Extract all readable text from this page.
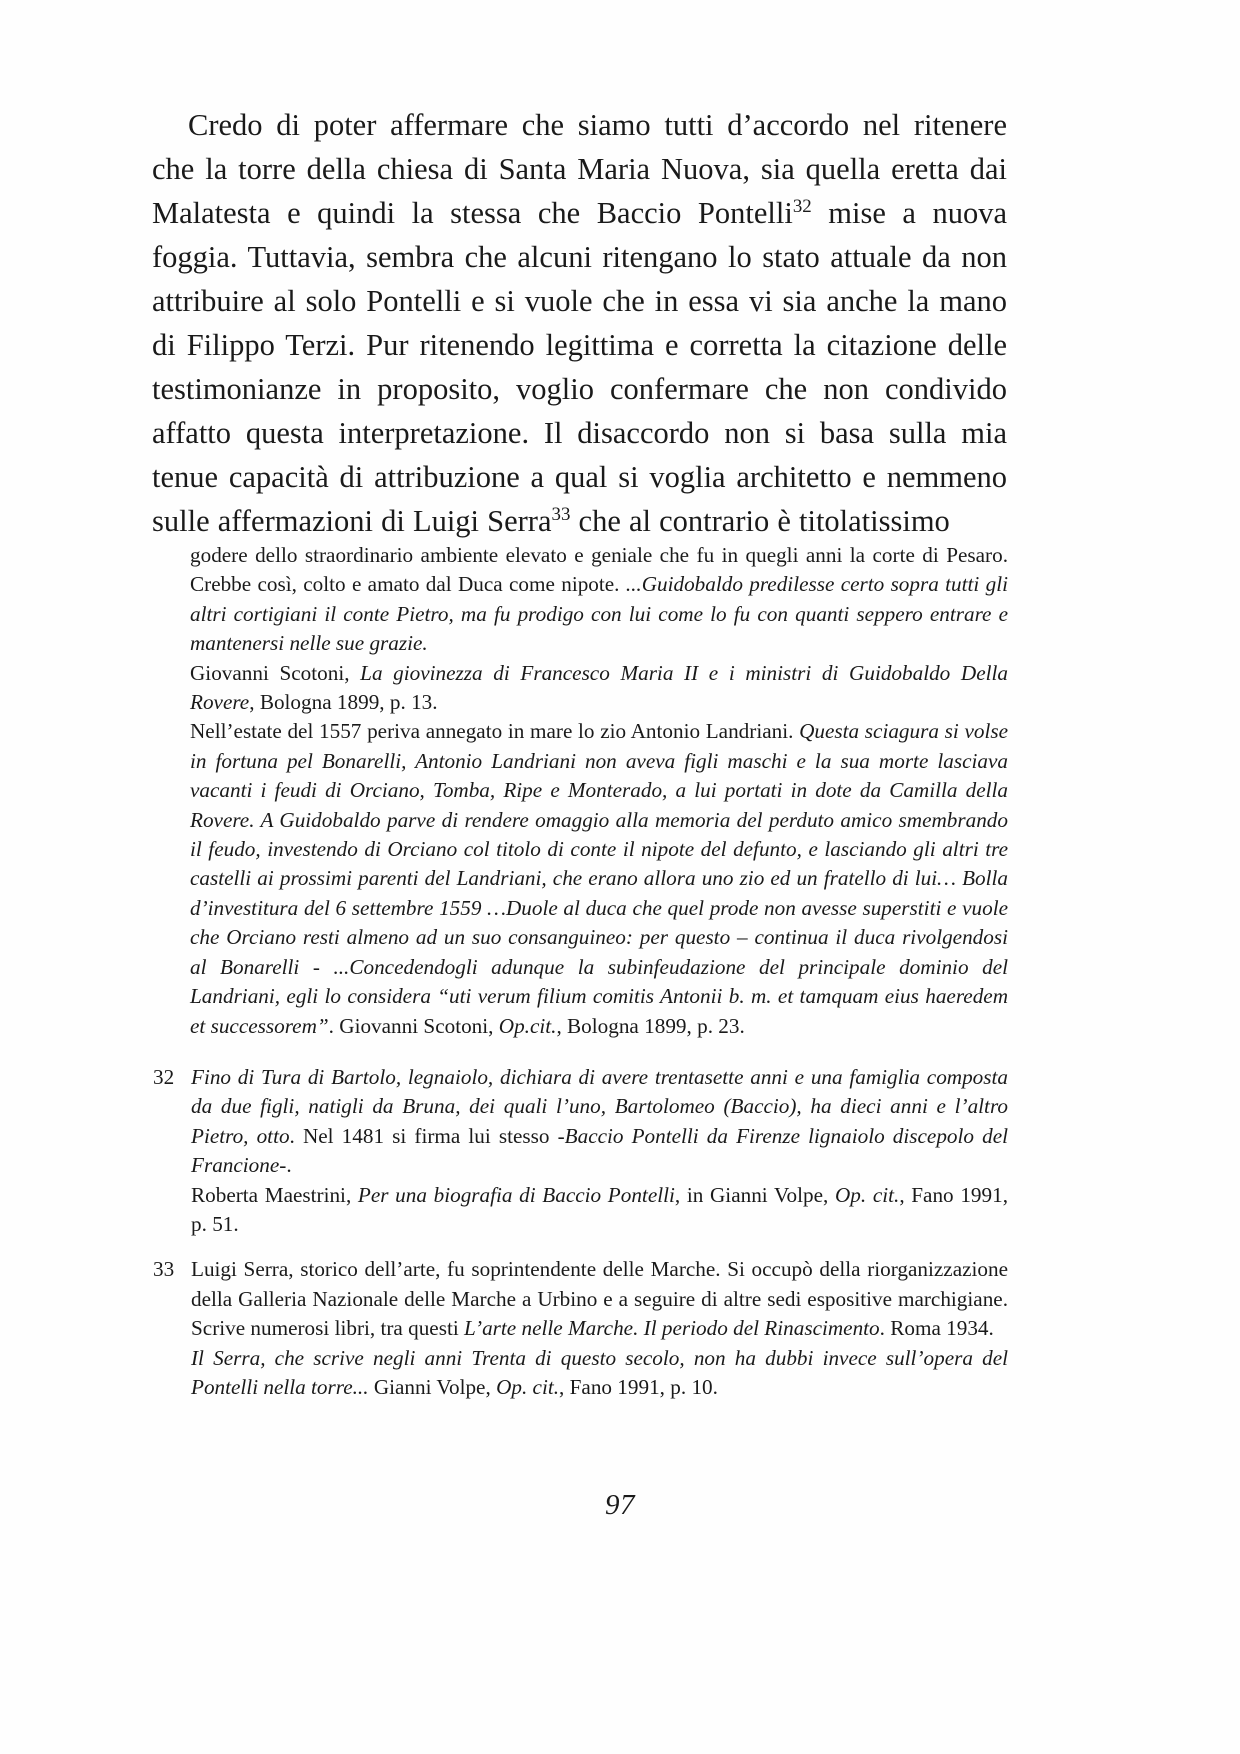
Credo di poter affermare che siamo tutti d’accordo nel ritenere che la torre della chiesa di Santa Maria Nuova, sia quella eretta dai Malatesta e quindi la stessa che Baccio Pontelli$^{32}$ mise a nuova foggia. Tuttavia, sembra che alcuni ritengano lo stato attuale da non attribuire al solo Pontelli e si vuole che in essa vi sia anche la mano di Filippo Terzi. Pur ritenendo legittima e corretta la citazione delle testimonianze in proposito, voglio confermare che non condivido affatto questa interpretazione. Il disaccordo non si basa sulla mia tenue capacità di attribuzione a qual si voglia architetto e nemmeno sulle affermazioni di Luigi Serra$^{33}$ che al contrario è titolatissimo

godere dello straordinario ambiente elevato e geniale che fu in quegli anni la corte di Pesaro. Crebbe così, colto e amato dal Duca come nipote. ...Guidobaldo predilesse certo sopra tutti gli altri cortigiani il conte Pietro, ma fu prodigo con lui come lo fu con quanti seppero entrare e mantenersi nelle sue grazie.

Giovanni Scotoni, La giovinezza di Francesco Maria II e i ministri di Guidobaldo Della Rovere, Bologna 1899, p. 13.

Nell’estate del 1557 periva annegato in mare lo zio Antonio Landriani. Questa sciagura si volse in fortuna pel Bonarelli, Antonio Landriani non aveva figli maschi e la sua morte lasciava vacanti i feudi di Orciano, Tomba, Ripe e Monterado, a lui portati in dote da Camilla della Rovere. A Guidobaldo parve di rendere omaggio alla memoria del perduto amico smembrando il feudo, investendo di Orciano col titolo di conte il nipote del defunto, e lasciando gli altri tre castelli ai prossimi parenti del Landriani, che erano allora uno zio ed un fratello di lui… Bolla d’investitura del 6 settembre 1559 …Duole al duca che quel prode non avesse superstiti e vuole che Orciano resti almeno ad un suo consanguineo: per questo – continua il duca rivolgendosi al Bonarelli - ...Concedendogli adunque la subinfeudazione del principale dominio del Landriani, egli lo considera “uti verum filium comitis Antonii b. m. et tamquam eius haeredem et successorem”. Giovanni Scotoni, Op.cit., Bologna 1899, p. 23.

32 Fino di Tura di Bartolo, legnaiolo, dichiara di avere trentasette anni e una famiglia composta da due figli, natigli da Bruna, dei quali l’uno, Bartolomeo (Baccio), ha dieci anni e l’altro Pietro, otto. Nel 1481 si firma lui stesso -Baccio Pontelli da Firenze lignaiolo discepolo del Francione-.

Roberta Maestrini, Per una biografia di Baccio Pontelli, in Gianni Volpe, Op. cit., Fano 1991, p. 51.

33 Luigi Serra, storico dell’arte, fu soprintendente delle Marche. Si occupò della riorganizzazione della Galleria Nazionale delle Marche a Urbino e a seguire di altre sedi espositive marchigiane. Scrive numerosi libri, tra questi L’arte nelle Marche. Il periodo del Rinascimento. Roma 1934.

Il Serra, che scrive negli anni Trenta di questo secolo, non ha dubbi invece sull’opera del Pontelli nella torre... Gianni Volpe, Op. cit., Fano 1991, p. 10.

97
